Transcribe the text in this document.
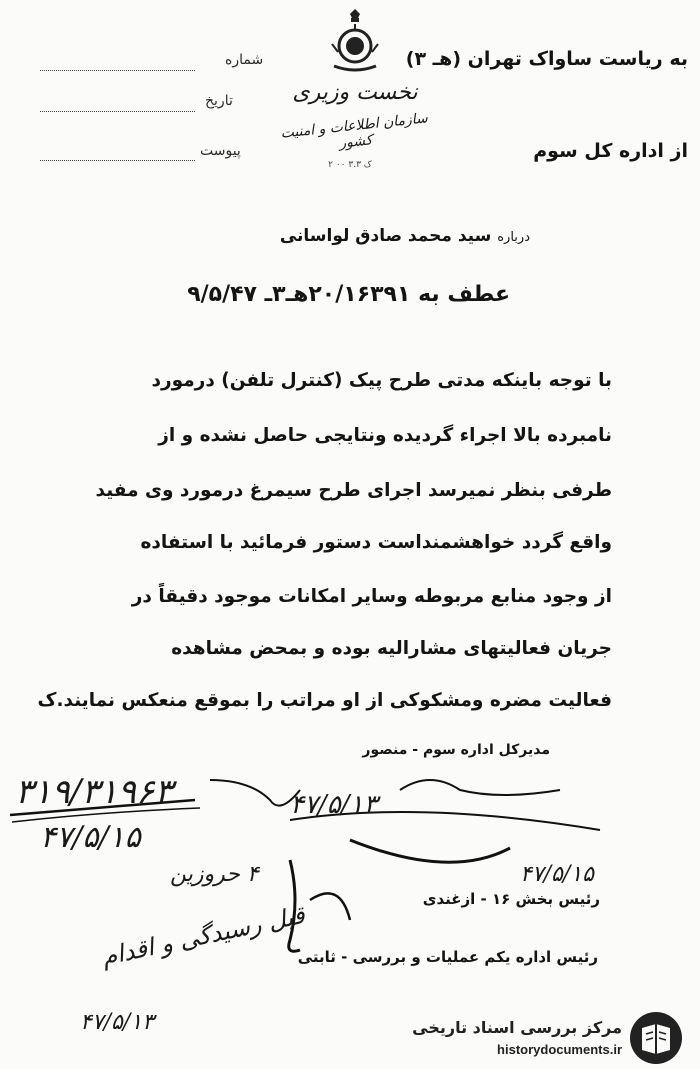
نخست وزیری
سازمان اطلاعات و امنیت کشور
ک ۳.۳ ۰۰ ۲
به ریاست ساواک تهران (هـ ۳)
از اداره کل سوم
شماره
تاریخ
پیوست
درباره سید محمد صادق لواسانی
عطف به ۲۰/۱۶۳۹۱هـ۳ـ ۹/۵/۴۷
با توجه باینکه مدتی طرح پیک (کنترل تلفن) درمورد
نامبرده بالا اجراء گردیده ونتایجی حاصل نشده و از
طرفی بنظر نمیرسد اجرای طرح سیمرغ درمورد وی مفید
واقع گردد خواهشمنداست دستور فرمائید با استفاده
از وجود منابع مربوطه وسایر امکانات موجود دقیقاً در
جریان فعالیتهای مشارالیه بوده و بمحض مشاهده
فعالیت مضره ومشکوکی از او مراتب را بموقع منعکس نمایند.ک
مدیرکل اداره سوم - منصور
۳۱۹/۳۱۹۶۳
۴۷/۵/۱۵
۴ حروزین
قبل رسیدگی و اقدام
۴۷/۵/۱۳
۴۷/۵/۱۳
۴۷/۵/۱۵
رئیس بخش ۱۶ - ازغندی
رئیس اداره یکم عملیات و بررسی - ثابتی
مرکز بررسی اسناد تاریخی
historydocuments.ir
